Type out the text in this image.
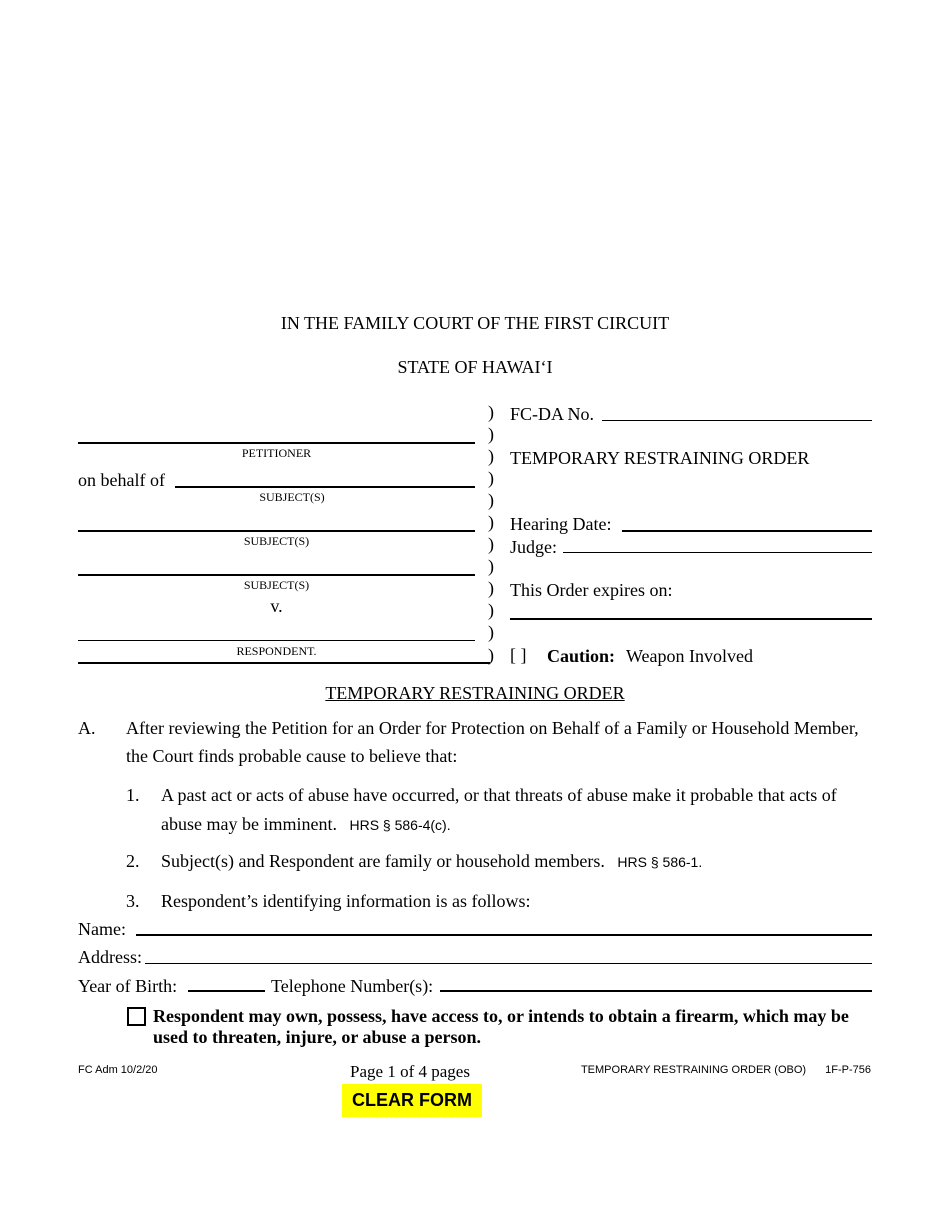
IN THE FAMILY COURT OF THE FIRST CIRCUIT
STATE OF HAWAI‘I
PETITIONER
on behalf of
SUBJECT(S)
SUBJECT(S)
SUBJECT(S)
v.
RESPONDENT.
)
)
)
)
)
)
)
)
)
)
)
)
FC-DA No.
TEMPORARY RESTRAINING ORDER
Hearing Date:
Judge:
This Order expires on:
[ ] Caution: Weapon Involved
TEMPORARY RESTRAINING ORDER
A. After reviewing the Petition for an Order for Protection on Behalf of a Family or Household Member,
the Court finds probable cause to believe that:
1. A past act or acts of abuse have occurred, or that threats of abuse make it probable that acts of
abuse may be imminent. HRS § 586-4(c).
2. Subject(s) and Respondent are family or household members. HRS § 586-1.
3. Respondent’s identifying information is as follows:
Name:
Address:
Year of Birth:	Telephone Number(s):
Respondent may own, possess, have access to, or intends to obtain a firearm, which may be
used to threaten, injure, or abuse a person.
FC Adm 10/2/20	Page 1 of 4 pages	TEMPORARY RESTRAINING ORDER (OBO) 1F-P-756
CLEAR FORM
